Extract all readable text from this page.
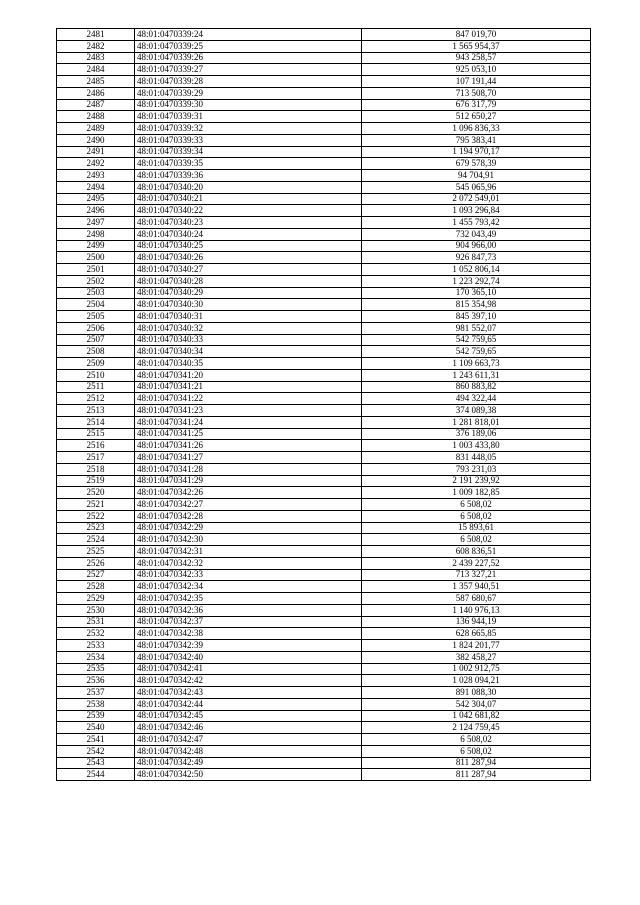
2481	48:01:0470339:24	847 019,70
2482	48:01:0470339:25	1 565 954,37
2483	48:01:0470339:26	943 258,57
2484	48:01:0470339:27	925 053,10
2485	48:01:0470339:28	107 191,44
2486	48:01:0470339:29	713 508,70
2487	48:01:0470339:30	676 317,79
2488	48:01:0470339:31	512 650,27
2489	48:01:0470339:32	1 096 836,33
2490	48:01:0470339:33	795 383,41
2491	48:01:0470339:34	1 194 970,17
2492	48:01:0470339:35	679 578,39
2493	48:01:0470339:36	94 704,91
2494	48:01:0470340:20	545 065,96
2495	48:01:0470340:21	2 072 549,01
2496	48:01:0470340:22	1 093 296,84
2497	48:01:0470340:23	1 455 793,42
2498	48:01:0470340:24	732 043,49
2499	48:01:0470340:25	904 966,00
2500	48:01:0470340:26	926 847,73
2501	48:01:0470340:27	1 052 806,14
2502	48:01:0470340:28	1 223 292,74
2503	48:01:0470340:29	170 365,10
2504	48:01:0470340:30	815 354,98
2505	48:01:0470340:31	845 397,10
2506	48:01:0470340:32	981 552,07
2507	48:01:0470340:33	542 759,65
2508	48:01:0470340:34	542 759,65
2509	48:01:0470340:35	1 109 663,73
2510	48:01:0470341:20	1 243 611,31
2511	48:01:0470341:21	860 883,82
2512	48:01:0470341:22	494 322,44
2513	48:01:0470341:23	374 089,38
2514	48:01:0470341:24	1 281 818,01
2515	48:01:0470341:25	376 189,06
2516	48:01:0470341:26	1 003 433,80
2517	48:01:0470341:27	831 448,05
2518	48:01:0470341:28	793 231,03
2519	48:01:0470341:29	2 191 239,92
2520	48:01:0470342:26	1 009 182,85
2521	48:01:0470342:27	6 508,02
2522	48:01:0470342:28	6 508,02
2523	48:01:0470342:29	15 893,61
2524	48:01:0470342:30	6 508,02
2525	48:01:0470342:31	608 836,51
2526	48:01:0470342:32	2 439 227,52
2527	48:01:0470342:33	713 327,21
2528	48:01:0470342:34	1 357 940,51
2529	48:01:0470342:35	587 680,67
2530	48:01:0470342:36	1 140 976,13
2531	48:01:0470342:37	136 944,19
2532	48:01:0470342:38	628 665,85
2533	48:01:0470342:39	1 824 201,77
2534	48:01:0470342:40	382 458,27
2535	48:01:0470342:41	1 002 912,75
2536	48:01:0470342:42	1 028 094,21
2537	48:01:0470342:43	891 088,30
2538	48:01:0470342:44	542 304,07
2539	48:01:0470342:45	1 042 681,82
2540	48:01:0470342:46	2 124 759,45
2541	48:01:0470342:47	6 508,02
2542	48:01:0470342:48	6 508,02
2543	48:01:0470342:49	811 287,94
2544	48:01:0470342:50	811 287,94
